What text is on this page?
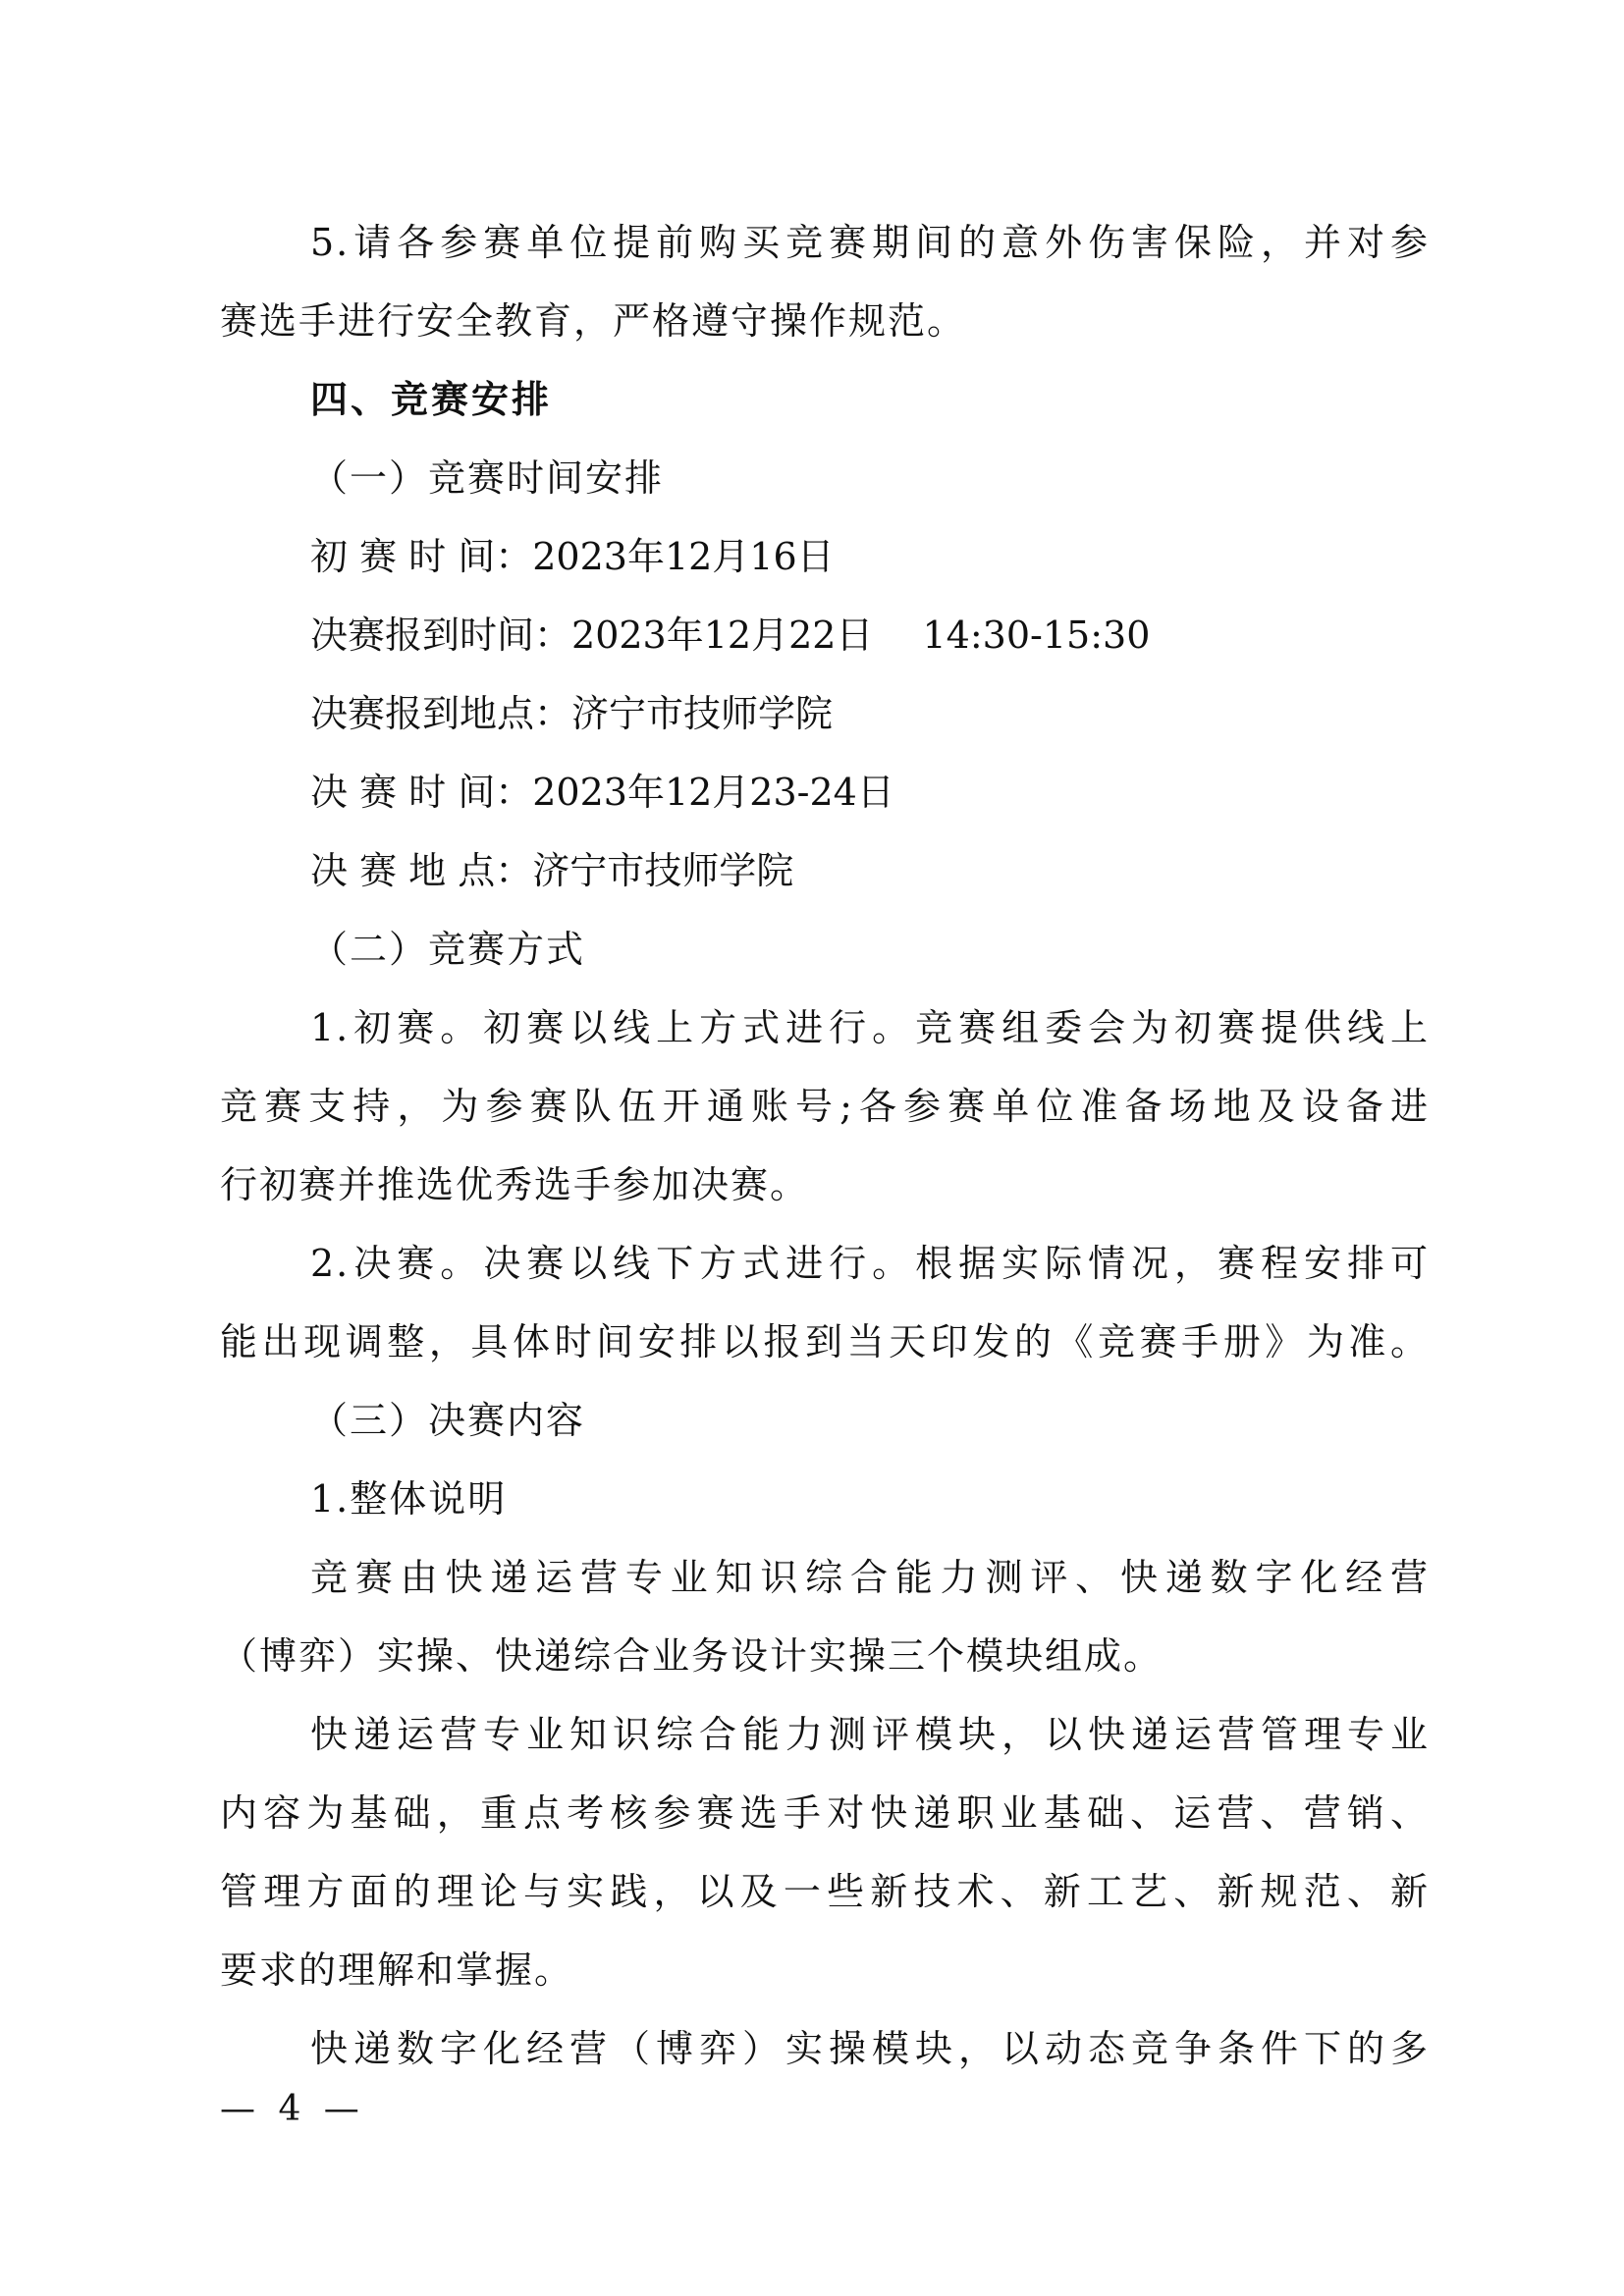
5.请各参赛单位提前购买竞赛期间的意外伤害保险，并对参
赛选手进行安全教育，严格遵守操作规范。
四、竞赛安排
（一）竞赛时间安排
初 赛 时 间：2023年12月16日
决赛报到时间：2023年12月22日　 14:30-15:30
决赛报到地点：济宁市技师学院
决 赛 时 间：2023年12月23-24日
决 赛 地 点：济宁市技师学院
（二）竞赛方式
1.初赛。初赛以线上方式进行。竞赛组委会为初赛提供线上
竞赛支持，为参赛队伍开通账号;各参赛单位准备场地及设备进
行初赛并推选优秀选手参加决赛。
2.决赛。决赛以线下方式进行。根据实际情况，赛程安排可
能出现调整，具体时间安排以报到当天印发的《竞赛手册》为准。
（三）决赛内容
1.整体说明
竞赛由快递运营专业知识综合能力测评、快递数字化经营
（博弈）实操、快递综合业务设计实操三个模块组成。
快递运营专业知识综合能力测评模块，以快递运营管理专业
内容为基础，重点考核参赛选手对快递职业基础、运营、营销、
管理方面的理论与实践，以及一些新技术、新工艺、新规范、新
要求的理解和掌握。
快递数字化经营（博弈）实操模块，以动态竞争条件下的多
— 4 —
